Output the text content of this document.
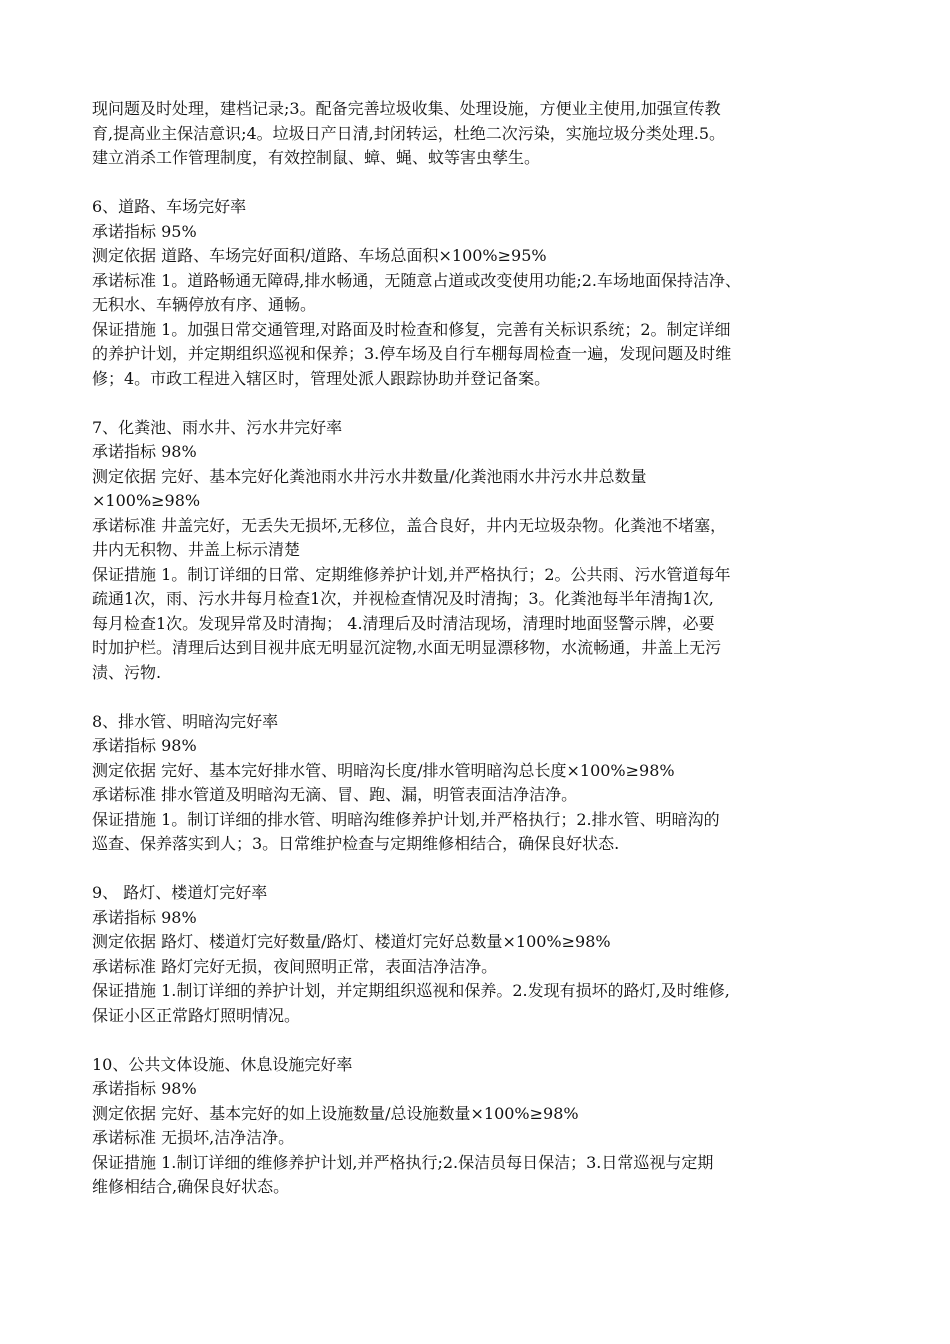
现问题及时处理，建档记录;3。配备完善垃圾收集、处理设施，方便业主使用,加强宣传教
育,提高业主保洁意识;4。垃圾日产日清,封闭转运，杜绝二次污染，实施垃圾分类处理.5。
建立消杀工作管理制度，有效控制鼠、蟑、蝇、蚊等害虫孳生。
6、道路、车场完好率
承诺指标 95%
测定依据 道路、车场完好面积/道路、车场总面积×100%≥95%
承诺标准 1。道路畅通无障碍,排水畅通，无随意占道或改变使用功能;2.车场地面保持洁净、
无积水、车辆停放有序、通畅。
保证措施 1。加强日常交通管理,对路面及时检查和修复，完善有关标识系统；2。制定详细
的养护计划，并定期组织巡视和保养；3.停车场及自行车棚每周检查一遍，发现问题及时维
修；4。市政工程进入辖区时，管理处派人跟踪协助并登记备案。
7、化粪池、雨水井、污水井完好率
承诺指标 98%
测定依据 完好、基本完好化粪池雨水井污水井数量/化粪池雨水井污水井总数量
×100%≥98%
承诺标准 井盖完好，无丢失无损坏,无移位，盖合良好，井内无垃圾杂物。化粪池不堵塞，
井内无积物、井盖上标示清楚
保证措施 1。制订详细的日常、定期维修养护计划,并严格执行；2。公共雨、污水管道每年
疏通1次，雨、污水井每月检查1次，并视检查情况及时清掏；3。化粪池每半年清掏1次,
每月检查1次。发现异常及时清掏； 4.清理后及时清洁现场，清理时地面竖警示牌，必要
时加护栏。清理后达到目视井底无明显沉淀物,水面无明显漂移物，水流畅通，井盖上无污
渍、污物.
8、排水管、明暗沟完好率
承诺指标 98%
测定依据 完好、基本完好排水管、明暗沟长度/排水管明暗沟总长度×100%≥98%
承诺标准 排水管道及明暗沟无滴、冒、跑、漏，明管表面洁净洁净。
保证措施 1。制订详细的排水管、明暗沟维修养护计划,并严格执行；2.排水管、明暗沟的
巡查、保养落实到人；3。日常维护检查与定期维修相结合，确保良好状态.
9、 路灯、楼道灯完好率
承诺指标 98%
测定依据 路灯、楼道灯完好数量/路灯、楼道灯完好总数量×100%≥98%
承诺标准 路灯完好无损，夜间照明正常，表面洁净洁净。
保证措施 1.制订详细的养护计划，并定期组织巡视和保养。2.发现有损坏的路灯,及时维修,
保证小区正常路灯照明情况。
10、公共文体设施、休息设施完好率
承诺指标 98%
测定依据 完好、基本完好的如上设施数量/总设施数量×100%≥98%
承诺标准 无损坏,洁净洁净。
保证措施 1.制订详细的维修养护计划,并严格执行;2.保洁员每日保洁；3.日常巡视与定期
维修相结合,确保良好状态。
